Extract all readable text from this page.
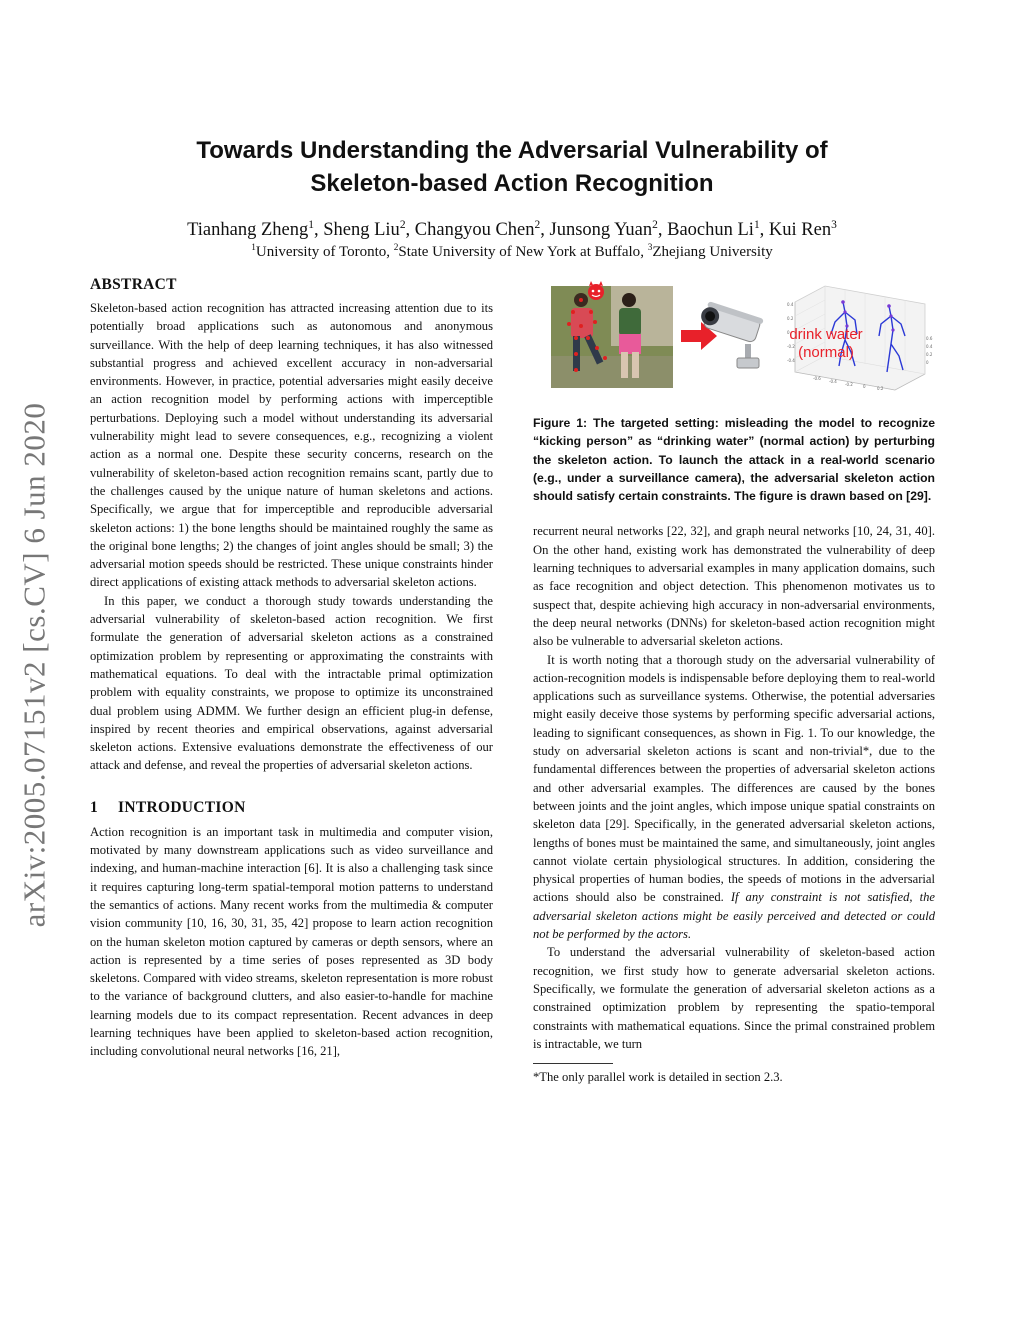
arXiv:2005.07151v2 [cs.CV] 6 Jun 2020
Towards Understanding the Adversarial Vulnerability of
Skeleton-based Action Recognition
Tianhang Zheng$^1$, Sheng Liu$^2$, Changyou Chen$^2$, Junsong Yuan$^2$, Baochun Li$^1$, Kui Ren$^3$
$^1$University of Toronto, $^2$State University of New York at Buffalo, $^3$Zhejiang University
ABSTRACT

Skeleton-based action recognition has attracted increasing attention due to its potentially broad applications such as autonomous and anonymous surveillance. With the help of deep learning techniques, it has also witnessed substantial progress and achieved excellent accuracy in non-adversarial environments. However, in practice, potential adversaries might easily deceive an action recognition model by performing actions with imperceptible perturbations. Deploying such a model without understanding its adversarial vulnerability might lead to severe consequences, e.g., recognizing a violent action as a normal one. Despite these security concerns, research on the vulnerability of skeleton-based action recognition remains scant, partly due to the challenges caused by the unique nature of human skeletons and actions. Specifically, we argue that for imperceptible and reproducible adversarial skeleton actions: 1) the bone lengths should be maintained roughly the same as the original bone lengths; 2) the changes of joint angles should be small; 3) the adversarial motion speeds should be restricted. These unique constraints hinder direct applications of existing attack methods to adversarial skeleton actions.

In this paper, we conduct a thorough study towards understanding the adversarial vulnerability of skeleton-based action recognition. We first formulate the generation of adversarial skeleton actions as a constrained optimization problem by representing or approximating the constraints with mathematical equations. To deal with the intractable primal optimization problem with equality constraints, we propose to optimize its unconstrained dual problem using ADMM. We further design an efficient plug-in defense, inspired by recent theories and empirical observations, against adversarial skeleton actions. Extensive evaluations demonstrate the effectiveness of our attack and defense, and reveal the properties of adversarial skeleton actions.

1 INTRODUCTION

Action recognition is an important task in multimedia and computer vision, motivated by many downstream applications such as video surveillance and indexing, and human-machine interaction [6]. It is also a challenging task since it requires capturing long-term spatial-temporal motion patterns to understand the semantics of actions. Many recent works from the multimedia & computer vision community [10, 16, 30, 31, 35, 42] propose to learn action recognition on the human skeleton motion captured by cameras or depth sensors, where an action is represented by a time series of poses represented as 3D body skeletons. Compared with video streams, skeleton representation is more robust to the variance of background clutters, and also easier-to-handle for machine learning models due to its compact representation. Recent advances in deep learning techniques have been applied to skeleton-based action recognition, including convolutional neural networks [16, 21],

0.4
0.2
0
-0.2
-0.4
0.6
0.4
0.2
0
-0.6
-0.4
-0.2	0	0.2
drink water
(normal)

Figure 1: The targeted setting: misleading the model to recognize “kicking person” as “drinking water” (normal action) by perturbing the skeleton action. To launch the attack in a real-world scenario (e.g., under a surveillance camera), the adversarial skeleton action should satisfy certain constraints. The figure is drawn based on [29].

recurrent neural networks [22, 32], and graph neural networks [10, 24, 31, 40]. On the other hand, existing work has demonstrated the vulnerability of deep learning techniques to adversarial examples in many application domains, such as face recognition and object detection. This phenomenon motivates us to suspect that, despite achieving high accuracy in non-adversarial environments, the deep neural networks (DNNs) for skeleton-based action recognition might also be vulnerable to adversarial skeleton actions.

It is worth noting that a thorough study on the adversarial vulnerability of action-recognition models is indispensable before deploying them to real-world applications such as surveillance systems. Otherwise, the potential adversaries might easily deceive those systems by performing specific adversarial actions, leading to significant consequences, as shown in Fig. 1. To our knowledge, the study on adversarial skeleton actions is scant and non-trivial*, due to the fundamental differences between the properties of adversarial skeleton actions and other adversarial examples. The differences are caused by the bones between joints and the joint angles, which impose unique spatial constraints on skeleton data [29]. Specifically, in the generated adversarial skeleton actions, lengths of bones must be maintained the same, and simultaneously, joint angles cannot violate certain physiological structures. In addition, considering the physical properties of human bodies, the speeds of motions in the adversarial actions should also be constrained. If any constraint is not satisfied, the adversarial skeleton actions might be easily perceived and detected or could not be performed by the actors.

To understand the adversarial vulnerability of skeleton-based action recognition, we first study how to generate adversarial skeleton actions. Specifically, we formulate the generation of adversarial skeleton actions as a constrained optimization problem by representing the spatio-temporal constraints with mathematical equations. Since the primal constrained problem is intractable, we turn

*The only parallel work is detailed in section 2.3.
